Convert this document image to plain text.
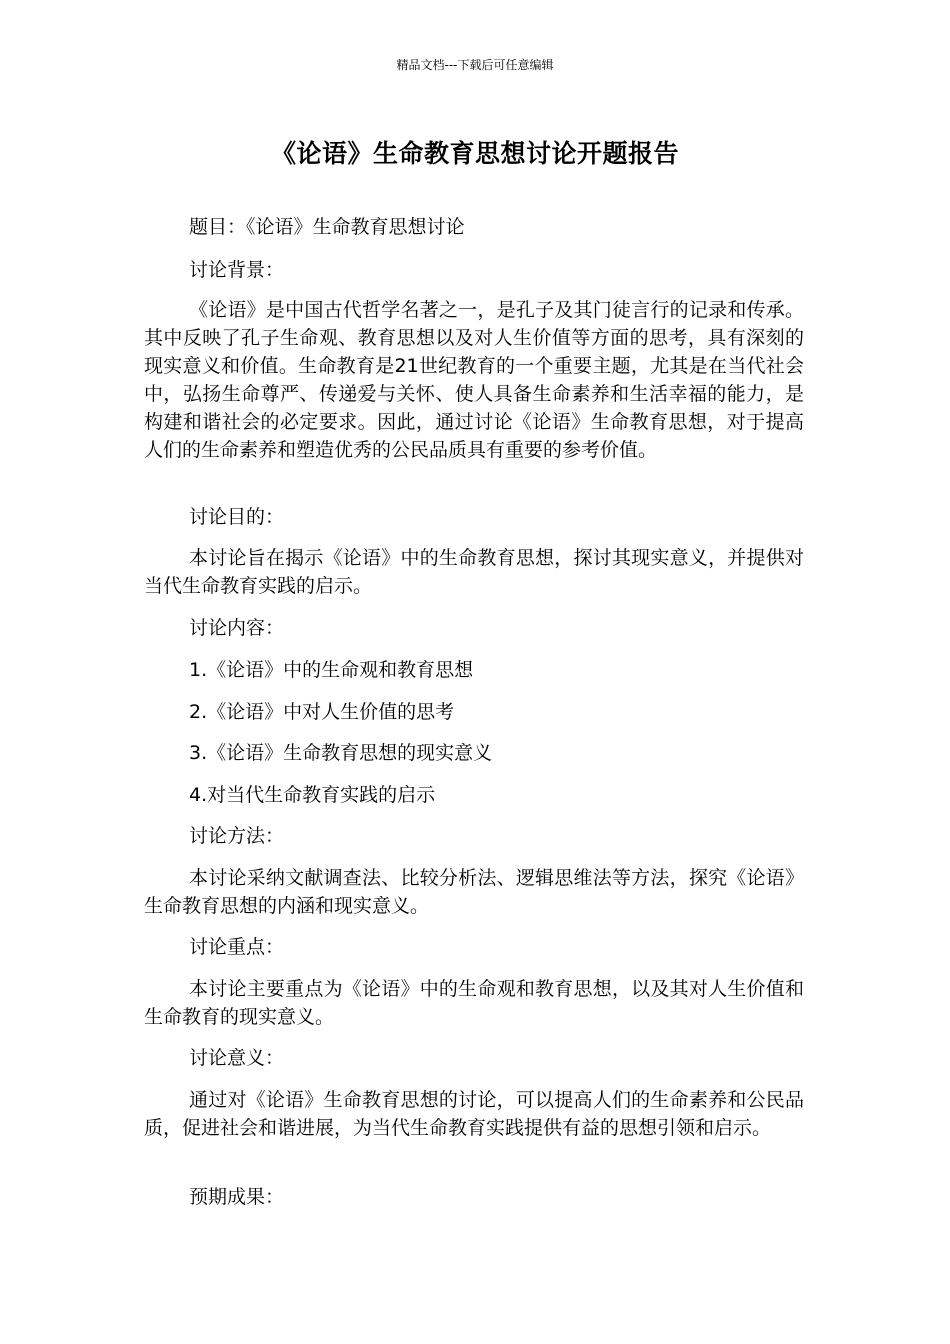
精品文档---下载后可任意编辑
《论语》生命教育思想讨论开题报告

题目：《论语》生命教育思想讨论

讨论背景：

《论语》是中国古代哲学名著之一，是孔子及其门徒言行的记录和传承。其中反映了孔子生命观、教育思想以及对人生价值等方面的思考，具有深刻的现实意义和价值。生命教育是21世纪教育的一个重要主题，尤其是在当代社会中，弘扬生命尊严、传递爱与关怀、使人具备生命素养和生活幸福的能力，是构建和谐社会的必定要求。因此，通过讨论《论语》生命教育思想，对于提高人们的生命素养和塑造优秀的公民品质具有重要的参考价值。

讨论目的：

本讨论旨在揭示《论语》中的生命教育思想，探讨其现实意义，并提供对当代生命教育实践的启示。

讨论内容：

1.《论语》中的生命观和教育思想

2.《论语》中对人生价值的思考

3.《论语》生命教育思想的现实意义

4.对当代生命教育实践的启示

讨论方法：

本讨论采纳文献调查法、比较分析法、逻辑思维法等方法，探究《论语》生命教育思想的内涵和现实意义。

讨论重点：

本讨论主要重点为《论语》中的生命观和教育思想，以及其对人生价值和生命教育的现实意义。

讨论意义：

通过对《论语》生命教育思想的讨论，可以提高人们的生命素养和公民品质，促进社会和谐进展，为当代生命教育实践提供有益的思想引领和启示。

预期成果：
